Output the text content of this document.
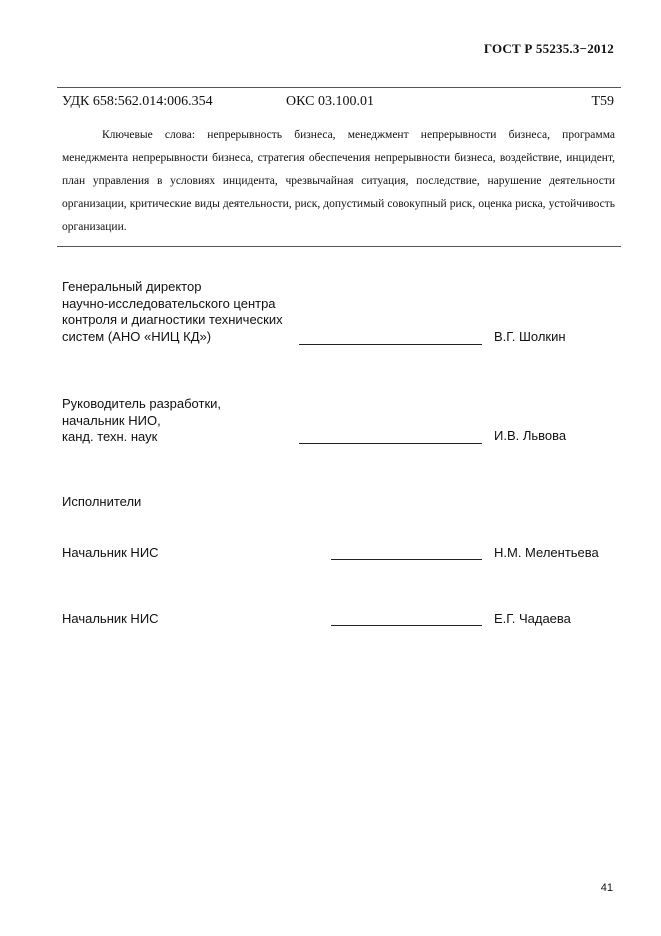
ГОСТ Р 55235.3−2012
УДК 658:562.014:006.354	ОКС 03.100.01	Т59

Ключевые слова: непрерывность бизнеса, менеджмент непрерывности бизнеса, программа менеджмента непрерывности бизнеса, стратегия обеспечения непрерывности бизнеса, воздействие, инцидент, план управления в условиях инцидента, чрезвычайная ситуация, последствие, нарушение деятельности организации, критические виды деятельности, риск, допустимый совокупный риск, оценка риска, устойчивость организации.

Генеральный директор
научно-исследовательского центра
контроля и диагностики технических
систем (АНО «НИЦ КД»)	В.Г. Шолкин
Руководитель разработки,
начальник НИО,
канд. техн. наук	И.В. Львова
Исполнители
Начальник НИС	Н.М. Мелентьева
Начальник НИС	Е.Г. Чадаева
41
